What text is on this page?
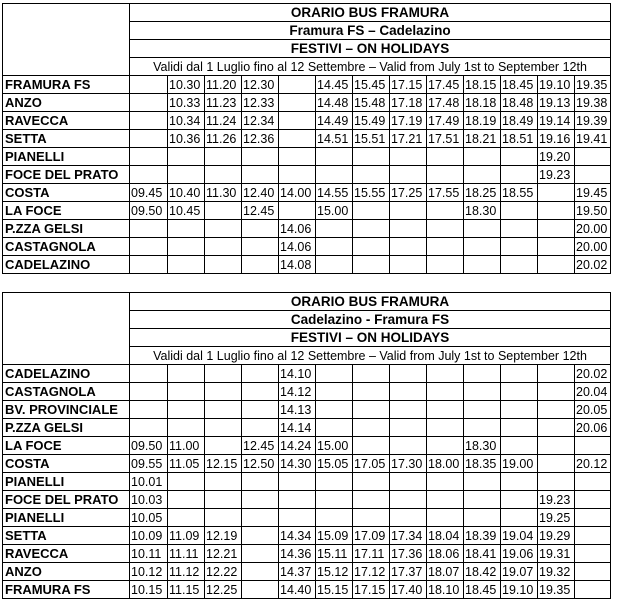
	ORARIO BUS FRAMURA												
	Framura FS – Cadelazino												
	FESTIVI – ON HOLIDAYS												
	Validi dal 1 Luglio fino al 12 Settembre – Valid from July 1st to September 12th												
FRAMURA FS		10.30	11.20	12.30		14.45	15.45	17.15	17.45	18.15	18.45	19.10	19.35
ANZO		10.33	11.23	12.33		14.48	15.48	17.18	17.48	18.18	18.48	19.13	19.38
RAVECCA		10.34	11.24	12.34		14.49	15.49	17.19	17.49	18.19	18.49	19.14	19.39
SETTA		10.36	11.26	12.36		14.51	15.51	17.21	17.51	18.21	18.51	19.16	19.41
PIANELLI												19.20	
FOCE DEL PRATO												19.23	
COSTA	09.45	10.40	11.30	12.40	14.00	14.55	15.55	17.25	17.55	18.25	18.55		19.45
LA FOCE	09.50	10.45		12.45		15.00				18.30			19.50
P.ZZA GELSI					14.06								20.00
CASTAGNOLA					14.06								20.00
CADELAZINO					14.08								20.02
	ORARIO BUS FRAMURA												
	Cadelazino - Framura FS												
	FESTIVI – ON HOLIDAYS												
	Validi dal 1 Luglio fino al 12 Settembre – Valid from July 1st to September 12th												
CADELAZINO					14.10								20.02
CASTAGNOLA					14.12								20.04
BV. PROVINCIALE					14.13								20.05
P.ZZA GELSI					14.14								20.06
LA FOCE	09.50	11.00		12.45	14.24	15.00				18.30			
COSTA	09.55	11.05	12.15	12.50	14.30	15.05	17.05	17.30	18.00	18.35	19.00		20.12
PIANELLI	10.01												
FOCE DEL PRATO	10.03											19.23	
PIANELLI	10.05											19.25	
SETTA	10.09	11.09	12.19		14.34	15.09	17.09	17.34	18.04	18.39	19.04	19.29	
RAVECCA	10.11	11.11	12.21		14.36	15.11	17.11	17.36	18.06	18.41	19.06	19.31	
ANZO	10.12	11.12	12.22		14.37	15.12	17.12	17.37	18.07	18.42	19.07	19.32	
FRAMURA FS	10.15	11.15	12.25		14.40	15.15	17.15	17.40	18.10	18.45	19.10	19.35	
